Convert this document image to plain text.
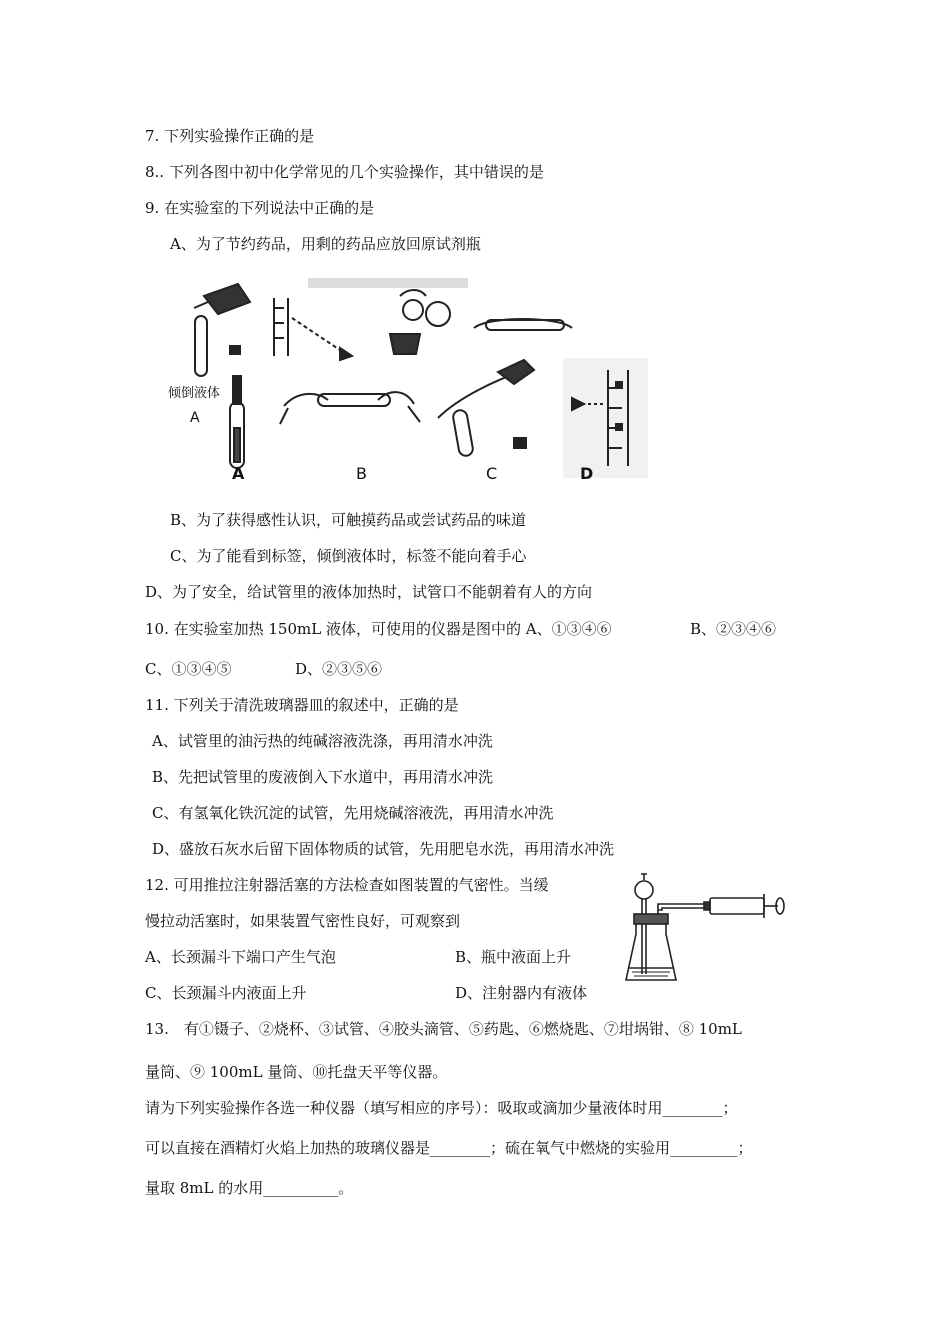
7. 下列实验操作正确的是
8.. 下列各图中初中化学常见的几个实验操作，其中错误的是
9. 在实验室的下列说法中正确的是
A、为了节约药品，用剩的药品应放回原试剂瓶
倾倒液体
A
A	B	C	D
B、为了获得感性认识，可触摸药品或尝试药品的味道
C、为了能看到标签，倾倒液体时，标签不能向着手心
D、为了安全，给试管里的液体加热时，试管口不能朝着有人的方向
10. 在实验室加热 150mL 液体，可使用的仪器是图中的 A、①③④⑥	B、②③④⑥
C、①③④⑤	D、②③⑤⑥
11. 下列关于清洗玻璃器皿的叙述中，正确的是
A、试管里的油污热的纯碱溶液洗涤，再用清水冲洗
B、先把试管里的废液倒入下水道中，再用清水冲洗
C、有氢氧化铁沉淀的试管，先用烧碱溶液洗，再用清水冲洗
D、盛放石灰水后留下固体物质的试管，先用肥皂水洗，再用清水冲洗
12. 可用推拉注射器活塞的方法检查如图装置的气密性。当缓
慢拉动活塞时，如果装置气密性良好，可观察到
A、长颈漏斗下端口产生气泡	B、瓶中液面上升
C、长颈漏斗内液面上升	D、注射器内有液体
13.　有①镊子、②烧杯、③试管、④胶头滴管、⑤药匙、⑥燃烧匙、⑦坩埚钳、⑧ 10mL
量筒、⑨ 100mL 量筒、⑩托盘天平等仪器。
请为下列实验操作各选一种仪器（填写相应的序号）：吸取或滴加少量液体时用________；
可以直接在酒精灯火焰上加热的玻璃仪器是________；硫在氧气中燃烧的实验用_________；
量取 8mL 的水用__________。
